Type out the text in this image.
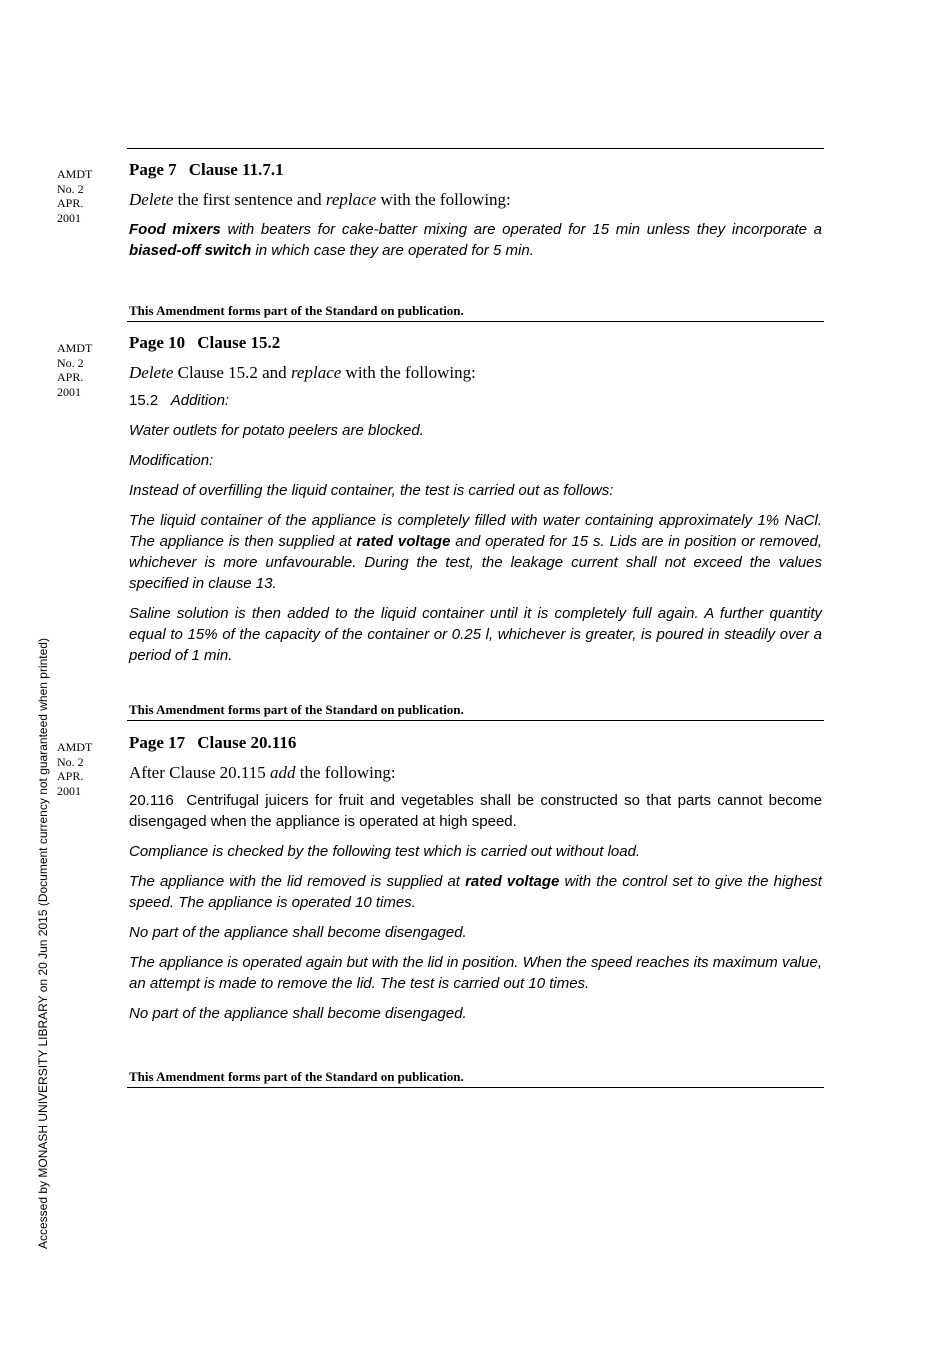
AMDT
No. 2
APR.
2001
AMDT
No. 2
APR.
2001
AMDT
No. 2
APR.
2001
Page 7 Clause 11.7.1
Delete the first sentence and replace with the following:

Food mixers with beaters for cake-batter mixing are operated for 15 min unless they incorporate a biased-off switch in which case they are operated for 5 min.

This Amendment forms part of the Standard on publication.
Page 10 Clause 15.2
Delete Clause 15.2 and replace with the following:

15.2 Addition:

Water outlets for potato peelers are blocked.

Modification:

Instead of overfilling the liquid container, the test is carried out as follows:

The liquid container of the appliance is completely filled with water containing approximately 1% NaCl. The appliance is then supplied at rated voltage and operated for 15 s. Lids are in position or removed, whichever is more unfavourable. During the test, the leakage current shall not exceed the values specified in clause 13.

Saline solution is then added to the liquid container until it is completely full again. A further quantity equal to 15% of the capacity of the container or 0.25 l, whichever is greater, is poured in steadily over a period of 1 min.

This Amendment forms part of the Standard on publication.
Page 17 Clause 20.116
After Clause 20.115 add the following:

20.116 Centrifugal juicers for fruit and vegetables shall be constructed so that parts cannot become disengaged when the appliance is operated at high speed.

Compliance is checked by the following test which is carried out without load.

The appliance with the lid removed is supplied at rated voltage with the control set to give the highest speed. The appliance is operated 10 times.

No part of the appliance shall become disengaged.

The appliance is operated again but with the lid in position. When the speed reaches its maximum value, an attempt is made to remove the lid. The test is carried out 10 times.

No part of the appliance shall become disengaged.

This Amendment forms part of the Standard on publication.
Accessed by MONASH UNIVERSITY LIBRARY on 20 Jun 2015 (Document currency not guaranteed when printed)
